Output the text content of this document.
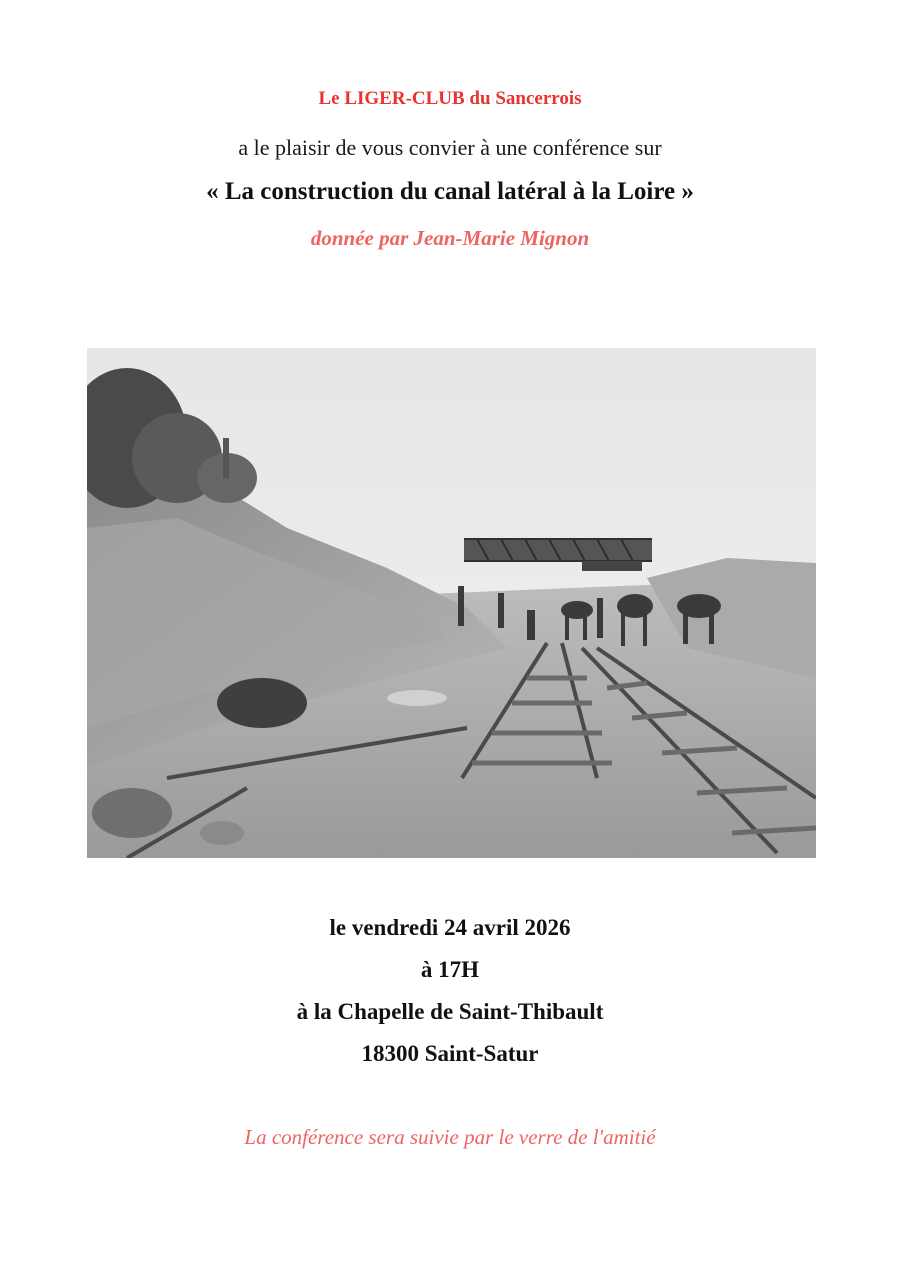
Le LIGER-CLUB du Sancerrois
a le plaisir de vous convier à une conférence sur
« La construction du canal latéral à la Loire »
donnée par Jean-Marie Mignon
le vendredi 24 avril 2026
à 17H
à la Chapelle de Saint-Thibault
18300 Saint-Satur
La conférence sera suivie par le verre de l'amitié
